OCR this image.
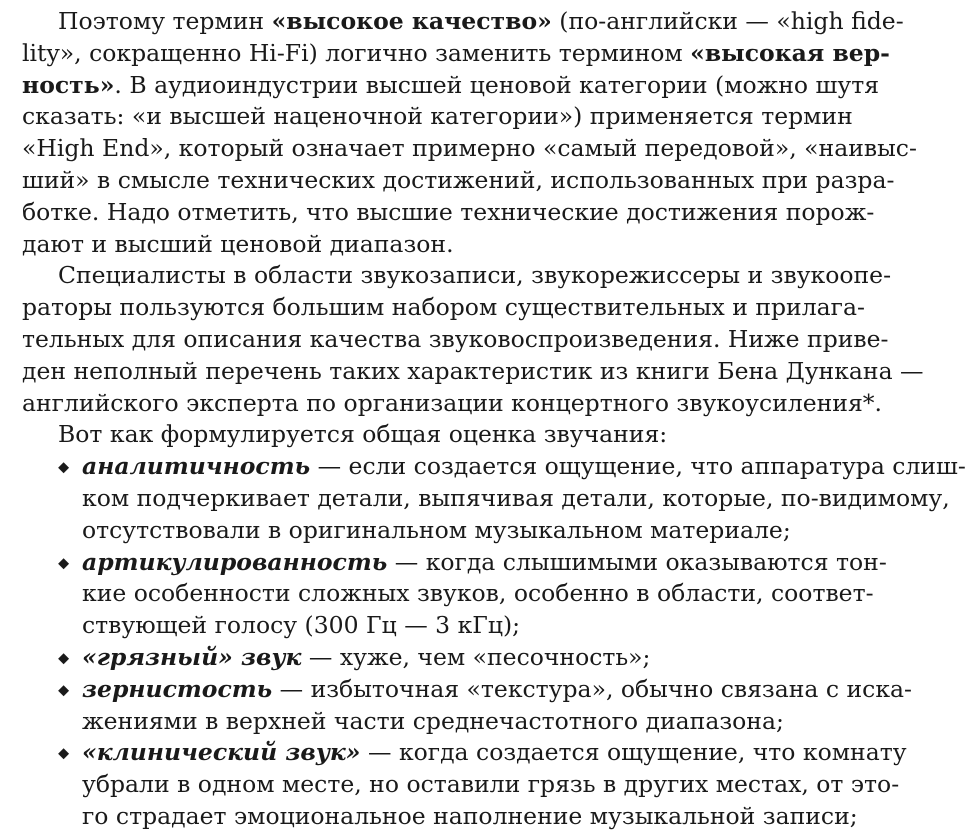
Поэтому термин «высокое качество» (по-английски — «high fide-
lity», сокращенно Hi-Fi) логично заменить термином «высокая вер-
ность». В аудиоиндустрии высшей ценовой категории (можно шутя
сказать: «и высшей наценочной категории») применяется термин
«High End», который означает примерно «самый передовой», «наивыс-
ший» в смысле технических достижений, использованных при разра-
ботке. Надо отметить, что высшие технические достижения порож-
дают и высший ценовой диапазон.
Специалисты в области звукозаписи, звукорежиссеры и звукоопе-
раторы пользуются большим набором существительных и прилага-
тельных для описания качества звуковоспроизведения. Ниже приве-
ден неполный перечень таких характеристик из книги Бена Дункана —
английского эксперта по организации концертного звукоусиления*.
Вот как формулируется общая оценка звучания:
⬥ аналитичность — если создается ощущение, что аппаратура слиш-
ком подчеркивает детали, выпячивая детали, которые, по-видимому,
отсутствовали в оригинальном музыкальном материале;
⬥ артикулированность — когда слышимыми оказываются тон-
кие особенности сложных звуков, особенно в области, соответ-
ствующей голосу (300 Гц — 3 кГц);
⬥ «грязный» звук — хуже, чем «песочность»;
⬥ зернистость — избыточная «текстура», обычно связана с иска-
жениями в верхней части среднечастотного диапазона;
⬥ «клинический звук» — когда создается ощущение, что комнату
убрали в одном месте, но оставили грязь в других местах, от это-
го страдает эмоциональное наполнение музыкальной записи;
